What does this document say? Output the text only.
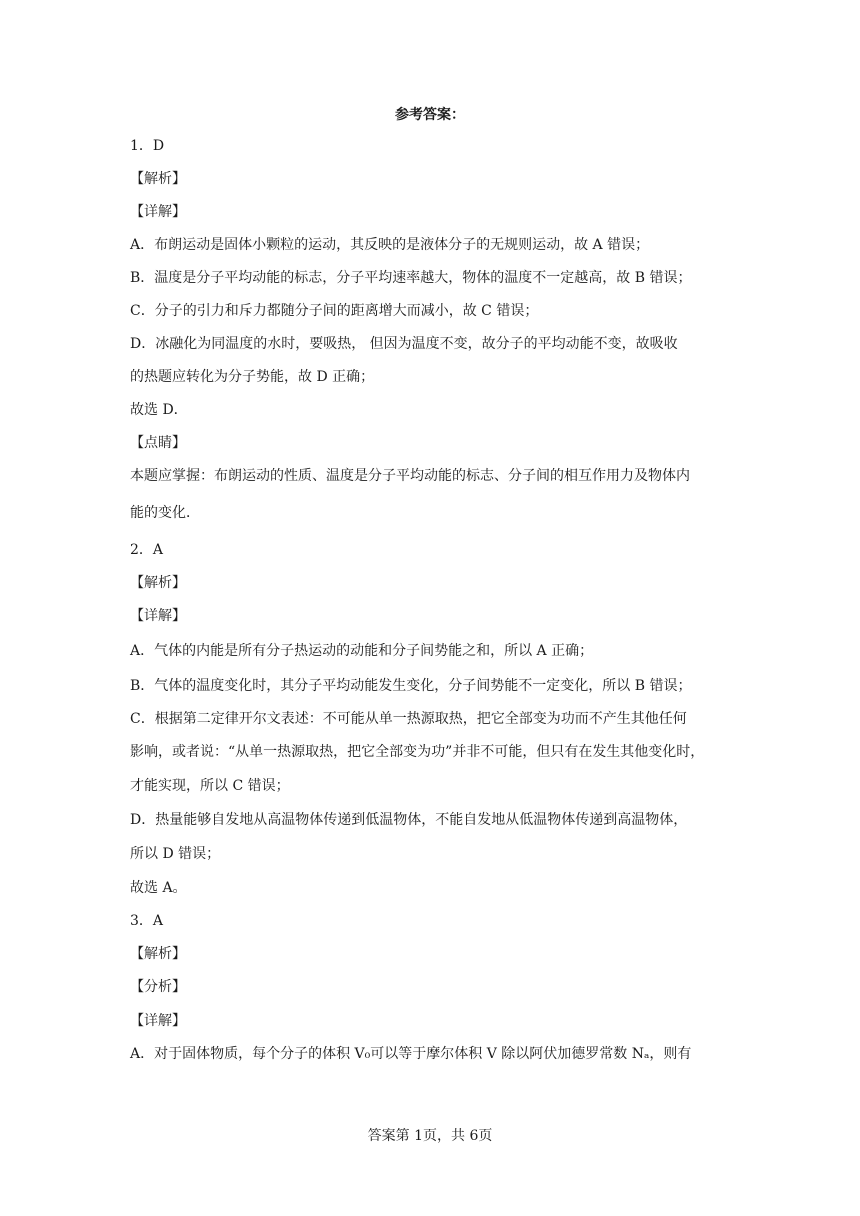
参考答案：
1．D
【解析】
【详解】
A．布朗运动是固体小颗粒的运动，其反映的是液体分子的无规则运动，故 A 错误；
B．温度是分子平均动能的标志，分子平均速率越大，物体的温度不一定越高，故 B 错误；
C．分子的引力和斥力都随分子间的距离增大而减小，故 C 错误；
D．冰融化为同温度的水时，要吸热， 但因为温度不变，故分子的平均动能不变，故吸收
的热题应转化为分子势能，故 D 正确；
故选 D．
【点睛】
本题应掌握：布朗运动的性质、温度是分子平均动能的标志、分子间的相互作用力及物体内
能的变化．
2．A
【解析】
【详解】
A．气体的内能是所有分子热运动的动能和分子间势能之和，所以 A 正确；
B．气体的温度变化时，其分子平均动能发生变化，分子间势能不一定变化，所以 B 错误；
C．根据第二定律开尔文表述：不可能从单一热源取热，把它全部变为功而不产生其他任何
影响，或者说：“从单一热源取热，把它全部变为功”并非不可能，但只有在发生其他变化时，
才能实现，所以 C 错误；
D．热量能够自发地从高温物体传递到低温物体，不能自发地从低温物体传递到高温物体，
所以 D 错误；
故选 A。
3．A
【解析】
【分析】
【详解】
A．对于固体物质，每个分子的体积 V₀可以等于摩尔体积 V 除以阿伏加德罗常数 Nₐ，则有
答案第 1页，共 6页
